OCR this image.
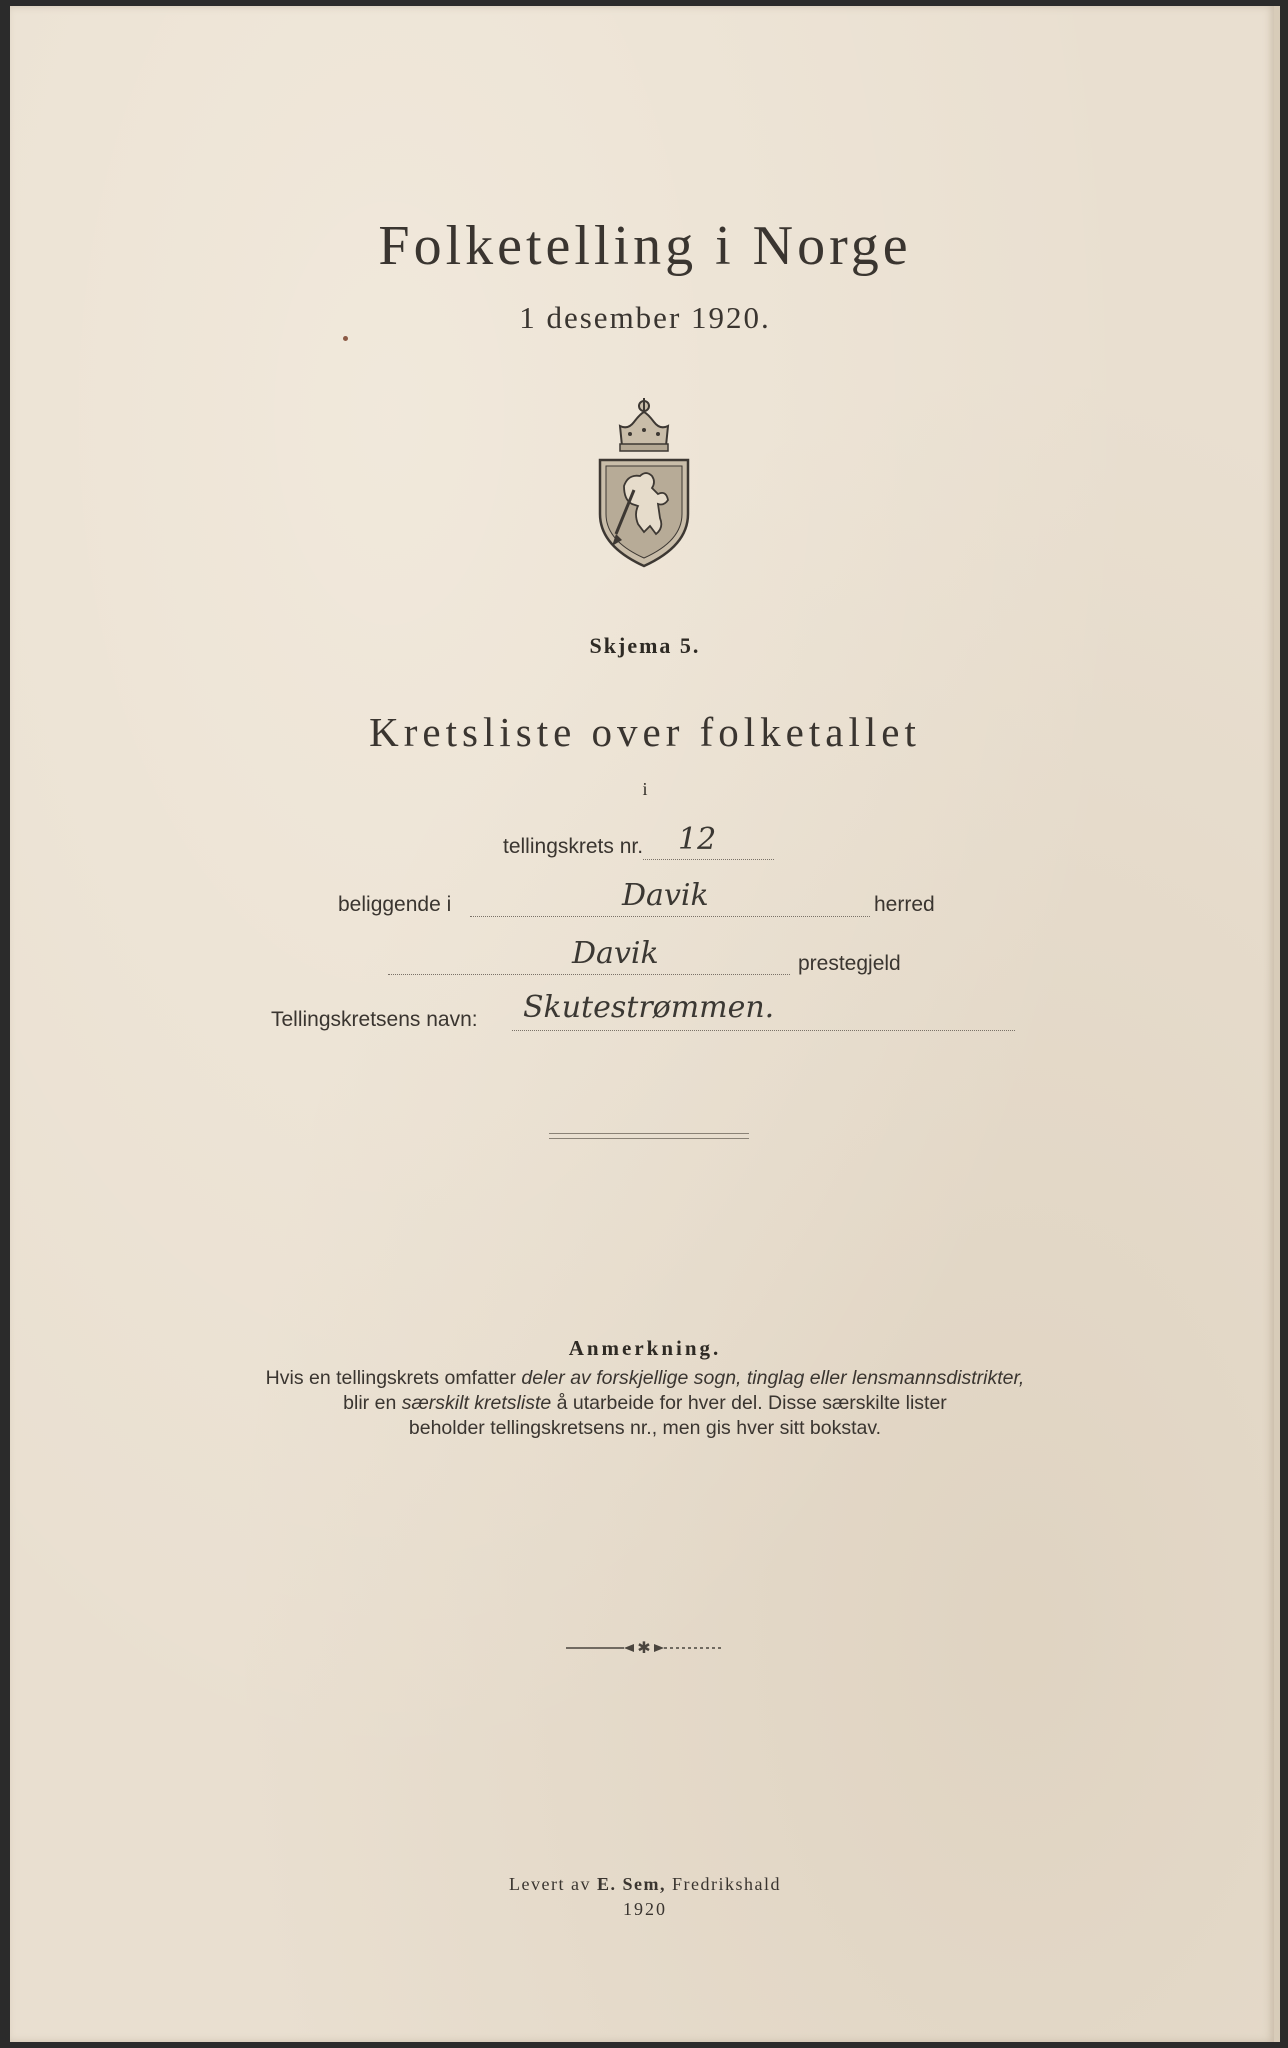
Folketelling i Norge
1 desember 1920.
Skjema 5.
Kretsliste over folketallet
i
tellingskrets nr. 12
beliggende i	Davik	herred
Davik	prestegjeld
Tellingskretsens navn: Skutestrømmen.
Anmerkning.
Hvis en tellingskrets omfatter deler av forskjellige sogn, tinglag eller lensmannsdistrikter,
blir en særskilt kretsliste å utarbeide for hver del. Disse særskilte lister
beholder tellingskretsens nr., men gis hver sitt bokstav.
✱
Levert av E. Sem, Fredrikshald
1920
